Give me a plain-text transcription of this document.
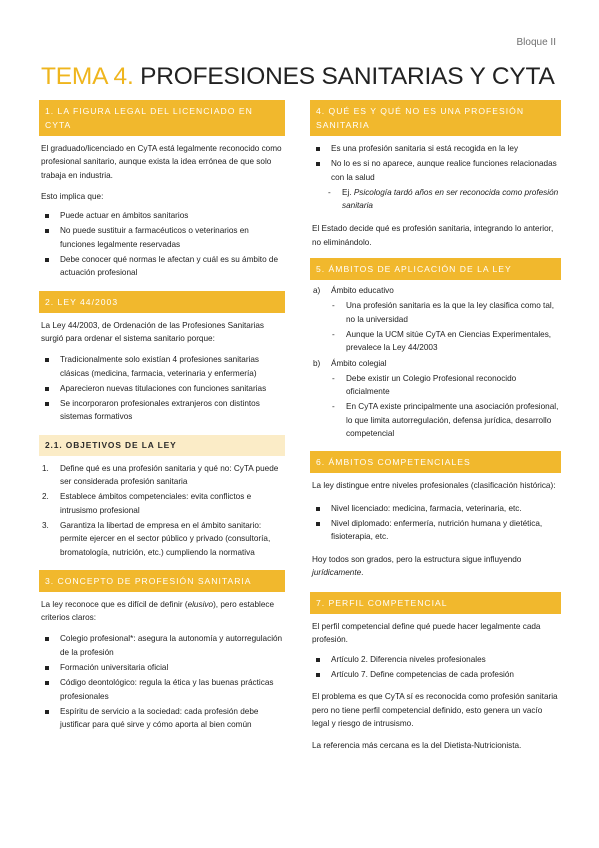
Bloque II
TEMA 4. PROFESIONES SANITARIAS Y CYTA
1. LA FIGURA LEGAL DEL LICENCIADO EN CYTA
El graduado/licenciado en CyTA está legalmente reconocido como profesional sanitario, aunque exista la idea errónea de que solo trabaja en industria.
Esto implica que:
Puede actuar en ámbitos sanitarios
No puede sustituir a farmacéuticos o veterinarios en funciones legalmente reservadas
Debe conocer qué normas le afectan y cuál es su ámbito de actuación profesional
2. LEY 44/2003
La Ley 44/2003, de Ordenación de las Profesiones Sanitarias surgió para ordenar el sistema sanitario porque:
Tradicionalmente solo existían 4 profesiones sanitarias clásicas (medicina, farmacia, veterinaria y enfermería)
Aparecieron nuevas titulaciones con funciones sanitarias
Se incorporaron profesionales extranjeros con distintos sistemas formativos
2.1. OBJETIVOS DE LA LEY
1. Define qué es una profesión sanitaria y qué no: CyTA puede ser considerada profesión sanitaria
2. Establece ámbitos competenciales: evita conflictos e intrusismo profesional
3. Garantiza la libertad de empresa en el ámbito sanitario: permite ejercer en el sector público y privado (consultoría, bromatología, nutrición, etc.) cumpliendo la normativa
3. CONCEPTO DE PROFESIÓN SANITARIA
La ley reconoce que es difícil de definir (elusivo), pero establece criterios claros:
Colegio profesional*: asegura la autonomía y autorregulación de la profesión
Formación universitaria oficial
Código deontológico: regula la ética y las buenas prácticas profesionales
Espíritu de servicio a la sociedad: cada profesión debe justificar para qué sirve y cómo aporta al bien común
4. QUÉ ES Y QUÉ NO ES UNA PROFESIÓN SANITARIA
Es una profesión sanitaria si está recogida en la ley
No lo es si no aparece, aunque realice funciones relacionadas con la salud
- Ej. Psicología tardó años en ser reconocida como profesión sanitaria
El Estado decide qué es profesión sanitaria, integrando lo anterior, no eliminándolo.
5. ÁMBITOS DE APLICACIÓN DE LA LEY
a) Ámbito educativo
- Una profesión sanitaria es la que la ley clasifica como tal, no la universidad
- Aunque la UCM sitúe CyTA en Ciencias Experimentales, prevalece la Ley 44/2003
b) Ámbito colegial
- Debe existir un Colegio Profesional reconocido oficialmente
- En CyTA existe principalmente una asociación profesional, lo que limita autorregulación, defensa jurídica, desarrollo competencial
6. ÁMBITOS COMPETENCIALES
La ley distingue entre niveles profesionales (clasificación histórica):
Nivel licenciado: medicina, farmacia, veterinaria, etc.
Nivel diplomado: enfermería, nutrición humana y dietética, fisioterapia, etc.
Hoy todos son grados, pero la estructura sigue influyendo jurídicamente.
7. PERFIL COMPETENCIAL
El perfil competencial define qué puede hacer legalmente cada profesión.
Artículo 2. Diferencia niveles profesionales
Artículo 7. Define competencias de cada profesión
El problema es que CyTA sí es reconocida como profesión sanitaria pero no tiene perfil competencial definido, esto genera un vacío legal y riesgo de intrusismo.
La referencia más cercana es la del Dietista-Nutricionista.
